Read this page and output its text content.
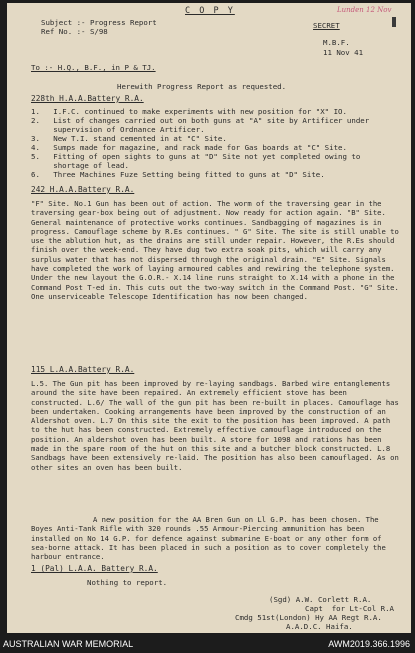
C O P Y	Lunden 12 Nov
Subject :- Progress Report
Ref No. :- S/98
SECRET
M.B.F.
11 Nov 41
To :- H.Q., B.F., in P & TJ.
Herewith Progress Report as requested.
228th H.A.A.Battery R.A.
1.   I.F.C. continued to make experiments with new position for "X" IO.
2.   List of changes carried out on both guns at "A" site by Artificer under
supervision of Ordnance Artificer.
3.   New T.I. stand cemented in at "C" Site.
4.   Sumps made for magazine, and rack made for Gas boards at "C" Site.
5.   Fitting of open sights to guns at "D" Site not yet completed owing to
shortage of lead.
6.   Three Machines Fuze Setting being fitted to guns at "D" Site.
242 H.A.A.Battery R.A.
"F" Site. No.1 Gun has been out of action. The worm of the traversing gear in the traversing gear-box being out of adjustment. Now ready for action again. "B" Site. General maintenance of protective works continues. Sandbagging of magazines is in progress. Camouflage scheme by R.Es continues. " G" Site. The site is still unable to use the ablution hut, as the drains are still under repair. However, the R.Es should finish over the week-end. They have dug two extra soak pits, which will carry any surplus water that has not dispersed through the original drain. "E" Site. Signals have completed the work of laying armoured cables and rewiring the telephone system. Under the new layout the G.O.R.- X.14 line runs straight to X.14 with a phone in the Command Post T-ed in. This cuts out the two-way switch in the Command Post. "G" Site. One unserviceable Telescope Identification has now been changed.
115 L.A.A.Battery R.A.
L.5. The Gun pit has been improved by re-laying sandbags. Barbed wire entanglements around the site have been repaired. An extremely efficient stove has been constructed. L.6/ The wall of the gun pit has been re-built in places. Camouflage has been undertaken. Cooking arrangements have been improved by the construction of an Aldershot oven. L.7 On this site the exit to the position has been improved. A path to the hut has been constructed. Extremely effective camouflage introduced on the position. An aldershot oven has been built. A store for 1098 and rations has been made in the spare room of the hut on this site and a butcher block constructed. L.8 Sandbags have been extensively re-laid. The position has also been camouflaged. As on other sites an oven has been built.
A new position for the AA Bren Gun on Ll G.P. has been chosen. The Boyes Anti-Tank Rifle with 320 rounds .55 Armour-Piercing ammunition has been installed on No 14 G.P. for defence against submarine E-boat or any other form of sea-borne attack. It has been placed in such a position as to cover completely the harbour entrance.
1 (Pal) L.A.A. Battery R.A.
Nothing to report.
(Sgd) A.W. Corlett R.A.
Capt  for Lt-Col R.A
Cmdg 51st(London) Hy AA Regt R.A.
A.A.D.C. Haifa.
AUSTRALIAN WAR MEMORIAL	AWM2019.366.1996
